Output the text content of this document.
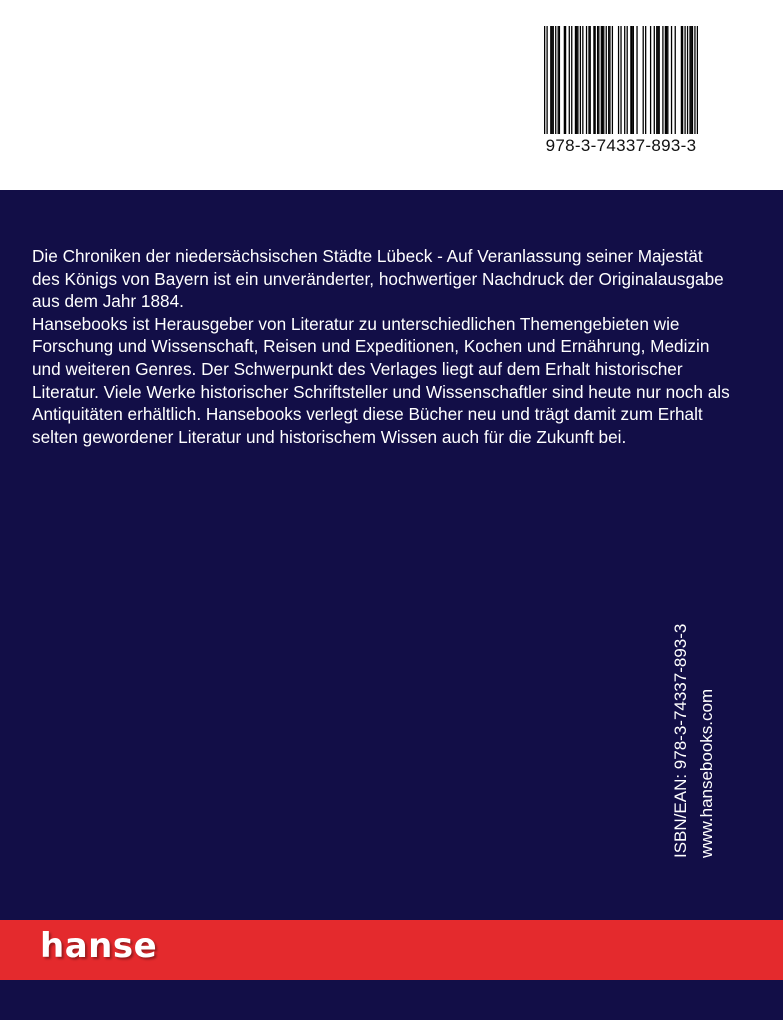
978-3-74337-893-3

Die Chroniken der niedersächsischen Städte Lübeck - Auf Veranlassung seiner Majestät des Königs von Bayern ist ein unveränderter, hochwertiger Nachdruck der Originalausgabe aus dem Jahr 1884.

Hansebooks ist Herausgeber von Literatur zu unterschiedlichen Themengebieten wie Forschung und Wissenschaft, Reisen und Expeditionen, Kochen und Ernährung, Medizin und weiteren Genres. Der Schwerpunkt des Verlages liegt auf dem Erhalt historischer Literatur. Viele Werke historischer Schriftsteller und Wissenschaftler sind heute nur noch als Antiquitäten erhältlich. Hansebooks verlegt diese Bücher neu und trägt damit zum Erhalt selten gewordener Literatur und historischem Wissen auch für die Zukunft bei.

ISBN/EAN: 978-3-74337-893-3 www.hansebooks.com
hanse
